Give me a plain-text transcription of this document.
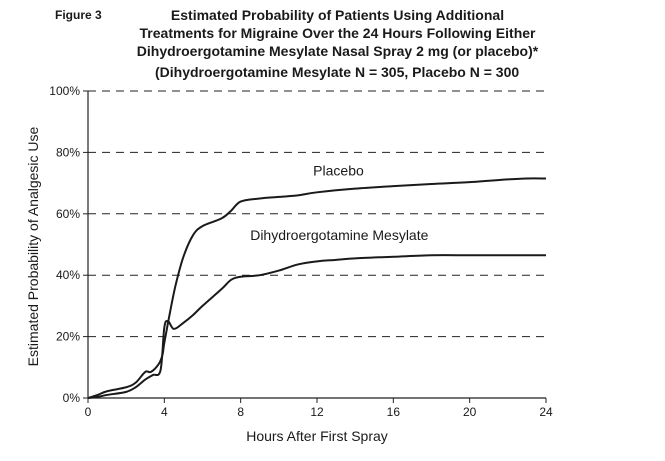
Figure 3	Estimated Probability of Patients Using Additional
Treatments for Migraine Over the 24 Hours Following Either
Dihydroergotamine Mesylate Nasal Spray 2 mg (or placebo)*
(Dihydroergotamine Mesylate N = 305, Placebo N = 300
0%
20%
40%
60%
80%
100%
0	4	8	12	16	20	24
Placebo
Dihydroergotamine Mesylate
Hours After First Spray
Estimated Probability of Analgesic Use
